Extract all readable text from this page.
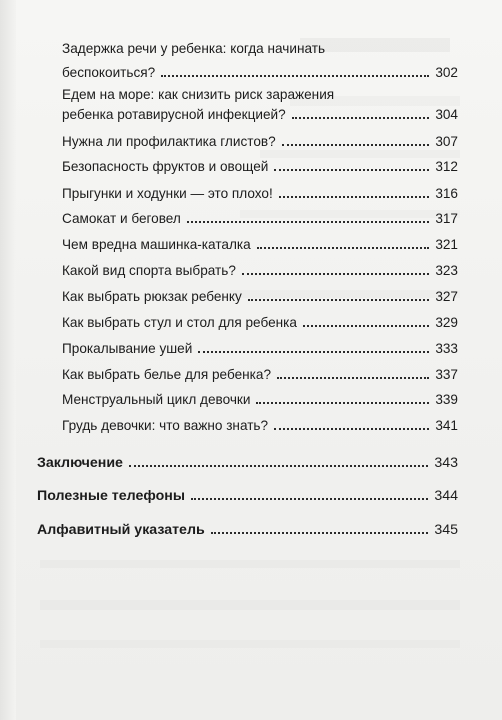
Задержка речи у ребенка: когда начинать
беспокоиться?	302
Едем на море: как снизить риск заражения
ребенка ротавирусной инфекцией?	304
Нужна ли профилактика глистов?	307
Безопасность фруктов и овощей	312
Прыгунки и ходунки — это плохо!	316
Самокат и беговел	317
Чем вредна машинка-каталка	321
Какой вид спорта выбрать?	323
Как выбрать рюкзак ребенку	327
Как выбрать стул и стол для ребенка	329
Прокалывание ушей	333
Как выбрать белье для ребенка?	337
Менструальный цикл девочки	339
Грудь девочки: что важно знать?	341
Заключение	343
Полезные телефоны	344
Алфавитный указатель	345
